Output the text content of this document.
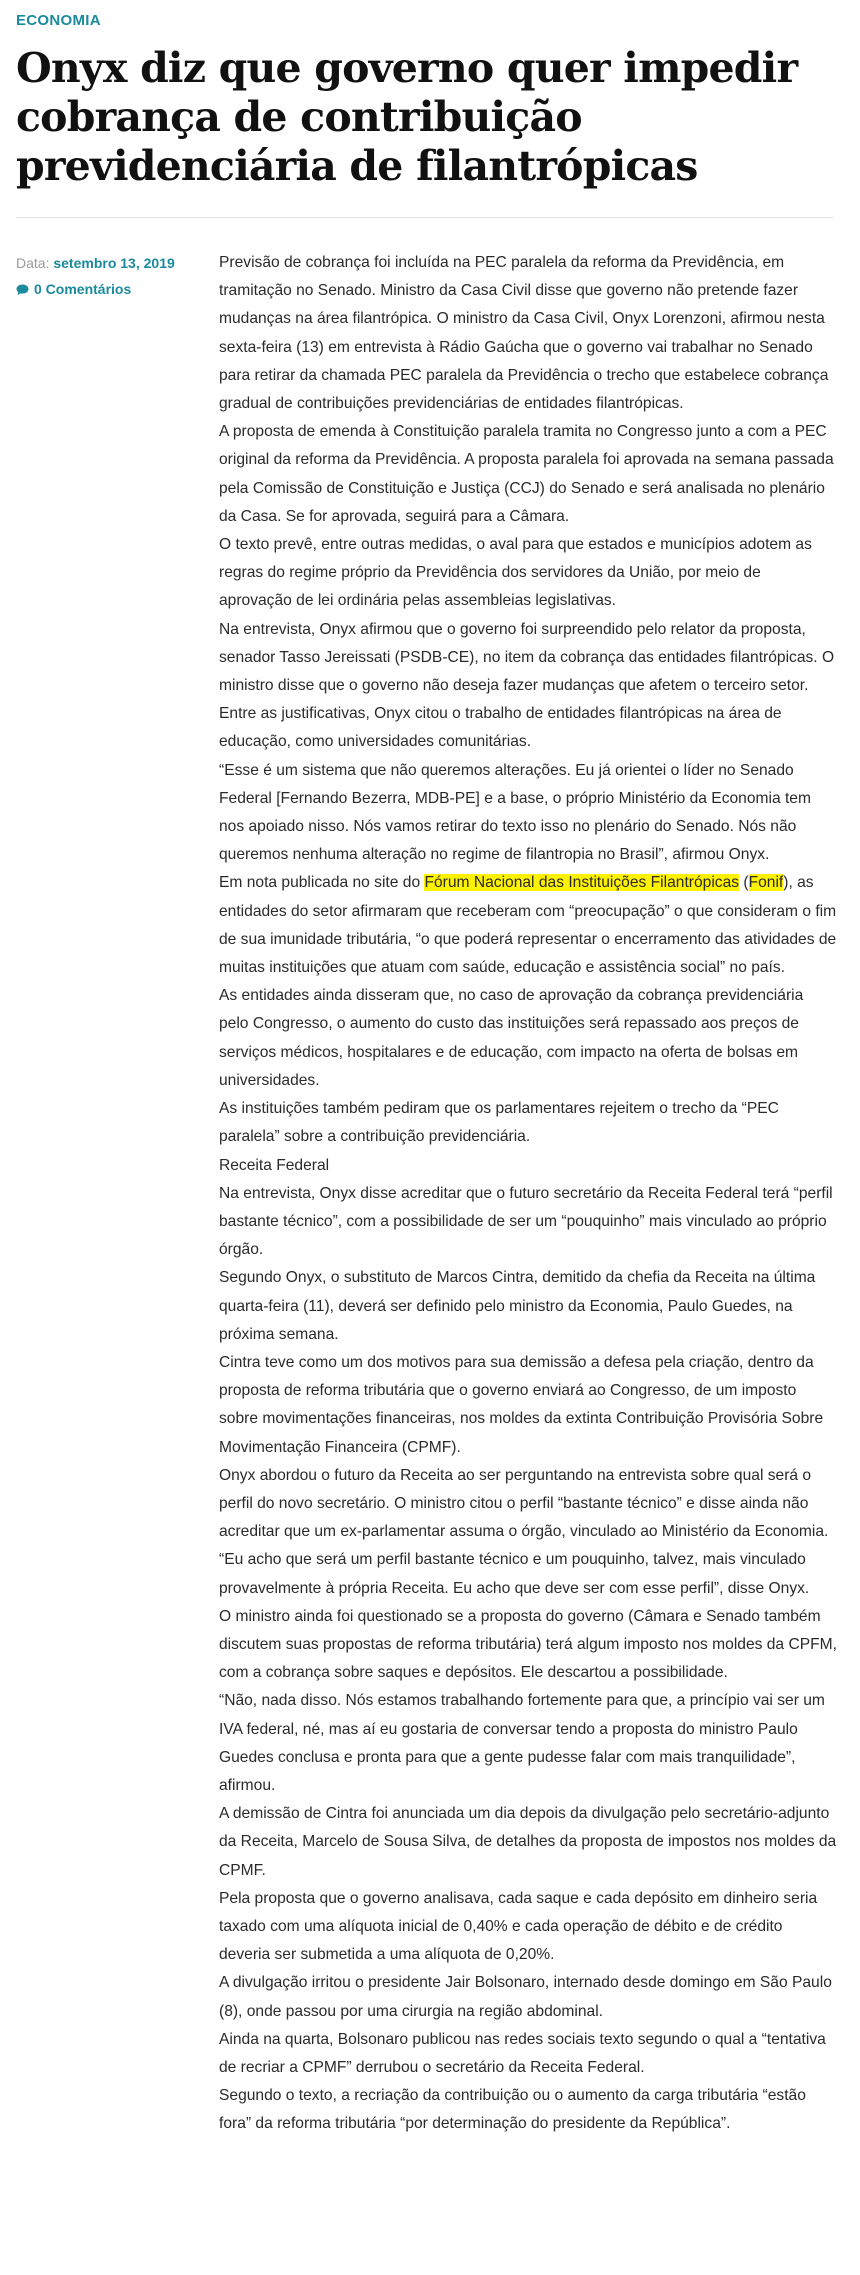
ECONOMIA
Onyx diz que governo quer impedir cobrança de contribuição previdenciária de filantrópicas
Data: setembro 13, 2019
0 Comentários

Previsão de cobrança foi incluída na PEC paralela da reforma da Previdência, em tramitação no Senado. Ministro da Casa Civil disse que governo não pretende fazer mudanças na área filantrópica. O ministro da Casa Civil, Onyx Lorenzoni, afirmou nesta sexta-feira (13) em entrevista à Rádio Gaúcha que o governo vai trabalhar no Senado para retirar da chamada PEC paralela da Previdência o trecho que estabelece cobrança gradual de contribuições previdenciárias de entidades filantrópicas.

A proposta de emenda à Constituição paralela tramita no Congresso junto a com a PEC original da reforma da Previdência. A proposta paralela foi aprovada na semana passada pela Comissão de Constituição e Justiça (CCJ) do Senado e será analisada no plenário da Casa. Se for aprovada, seguirá para a Câmara.

O texto prevê, entre outras medidas, o aval para que estados e municípios adotem as regras do regime próprio da Previdência dos servidores da União, por meio de aprovação de lei ordinária pelas assembleias legislativas.

Na entrevista, Onyx afirmou que o governo foi surpreendido pelo relator da proposta, senador Tasso Jereissati (PSDB-CE), no item da cobrança das entidades filantrópicas. O ministro disse que o governo não deseja fazer mudanças que afetem o terceiro setor.

Entre as justificativas, Onyx citou o trabalho de entidades filantrópicas na área de educação, como universidades comunitárias.

“Esse é um sistema que não queremos alterações. Eu já orientei o líder no Senado Federal [Fernando Bezerra, MDB-PE] e a base, o próprio Ministério da Economia tem nos apoiado nisso. Nós vamos retirar do texto isso no plenário do Senado. Nós não queremos nenhuma alteração no regime de filantropia no Brasil”, afirmou Onyx.

Em nota publicada no site do Fórum Nacional das Instituições Filantrópicas (Fonif), as entidades do setor afirmaram que receberam com “preocupação” o que consideram o fim de sua imunidade tributária, “o que poderá representar o encerramento das atividades de muitas instituições que atuam com saúde, educação e assistência social” no país.

As entidades ainda disseram que, no caso de aprovação da cobrança previdenciária pelo Congresso, o aumento do custo das instituições será repassado aos preços de serviços médicos, hospitalares e de educação, com impacto na oferta de bolsas em universidades.

As instituições também pediram que os parlamentares rejeitem o trecho da “PEC paralela” sobre a contribuição previdenciária.

Receita Federal

Na entrevista, Onyx disse acreditar que o futuro secretário da Receita Federal terá “perfil bastante técnico”, com a possibilidade de ser um “pouquinho” mais vinculado ao próprio órgão.

Segundo Onyx, o substituto de Marcos Cintra, demitido da chefia da Receita na última quarta-feira (11), deverá ser definido pelo ministro da Economia, Paulo Guedes, na próxima semana.

Cintra teve como um dos motivos para sua demissão a defesa pela criação, dentro da proposta de reforma tributária que o governo enviará ao Congresso, de um imposto sobre movimentações financeiras, nos moldes da extinta Contribuição Provisória Sobre Movimentação Financeira (CPMF).

Onyx abordou o futuro da Receita ao ser perguntando na entrevista sobre qual será o perfil do novo secretário. O ministro citou o perfil “bastante técnico” e disse ainda não acreditar que um ex-parlamentar assuma o órgão, vinculado ao Ministério da Economia.

“Eu acho que será um perfil bastante técnico e um pouquinho, talvez, mais vinculado provavelmente à própria Receita. Eu acho que deve ser com esse perfil”, disse Onyx.

O ministro ainda foi questionado se a proposta do governo (Câmara e Senado também discutem suas propostas de reforma tributária) terá algum imposto nos moldes da CPFM, com a cobrança sobre saques e depósitos. Ele descartou a possibilidade.

“Não, nada disso. Nós estamos trabalhando fortemente para que, a princípio vai ser um IVA federal, né, mas aí eu gostaria de conversar tendo a proposta do ministro Paulo Guedes conclusa e pronta para que a gente pudesse falar com mais tranquilidade”, afirmou.

A demissão de Cintra foi anunciada um dia depois da divulgação pelo secretário-adjunto da Receita, Marcelo de Sousa Silva, de detalhes da proposta de impostos nos moldes da CPMF.

Pela proposta que o governo analisava, cada saque e cada depósito em dinheiro seria taxado com uma alíquota inicial de 0,40% e cada operação de débito e de crédito deveria ser submetida a uma alíquota de 0,20%.

A divulgação irritou o presidente Jair Bolsonaro, internado desde domingo em São Paulo (8), onde passou por uma cirurgia na região abdominal.

Ainda na quarta, Bolsonaro publicou nas redes sociais texto segundo o qual a “tentativa de recriar a CPMF” derrubou o secretário da Receita Federal.

Segundo o texto, a recriação da contribuição ou o aumento da carga tributária “estão fora” da reforma tributária “por determinação do presidente da República”.
